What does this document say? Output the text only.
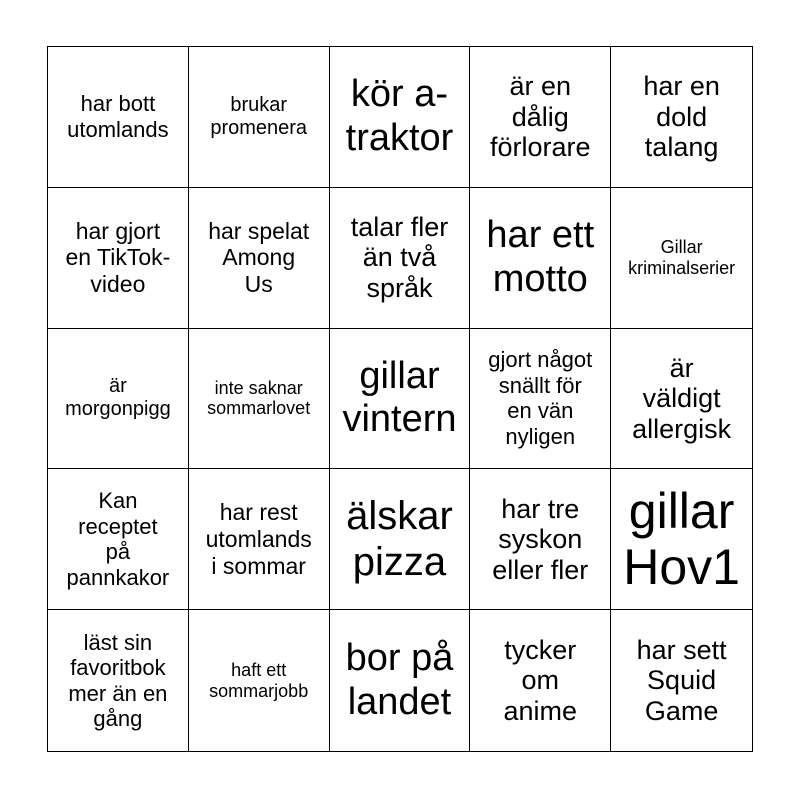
har bott
utomlands
brukar
promenera
kör a-
traktor
är en
dålig
förlorare
har en
dold
talang
har gjort
en TikTok-
video
har spelat
Among
Us
talar fler
än två
språk
har ett
motto
Gillar
kriminalserier
är
morgonpigg
inte saknar
sommarlovet
gillar
vintern
gjort något
snällt för
en vän
nyligen
är
väldigt
allergisk
Kan
receptet
på
pannkakor
har rest
utomlands
i sommar
älskar
pizza
har tre
syskon
eller fler
gillar
Hov1
läst sin
favoritbok
mer än en
gång
haft ett
sommarjobb
bor på
landet
tycker
om
anime
har sett
Squid
Game
